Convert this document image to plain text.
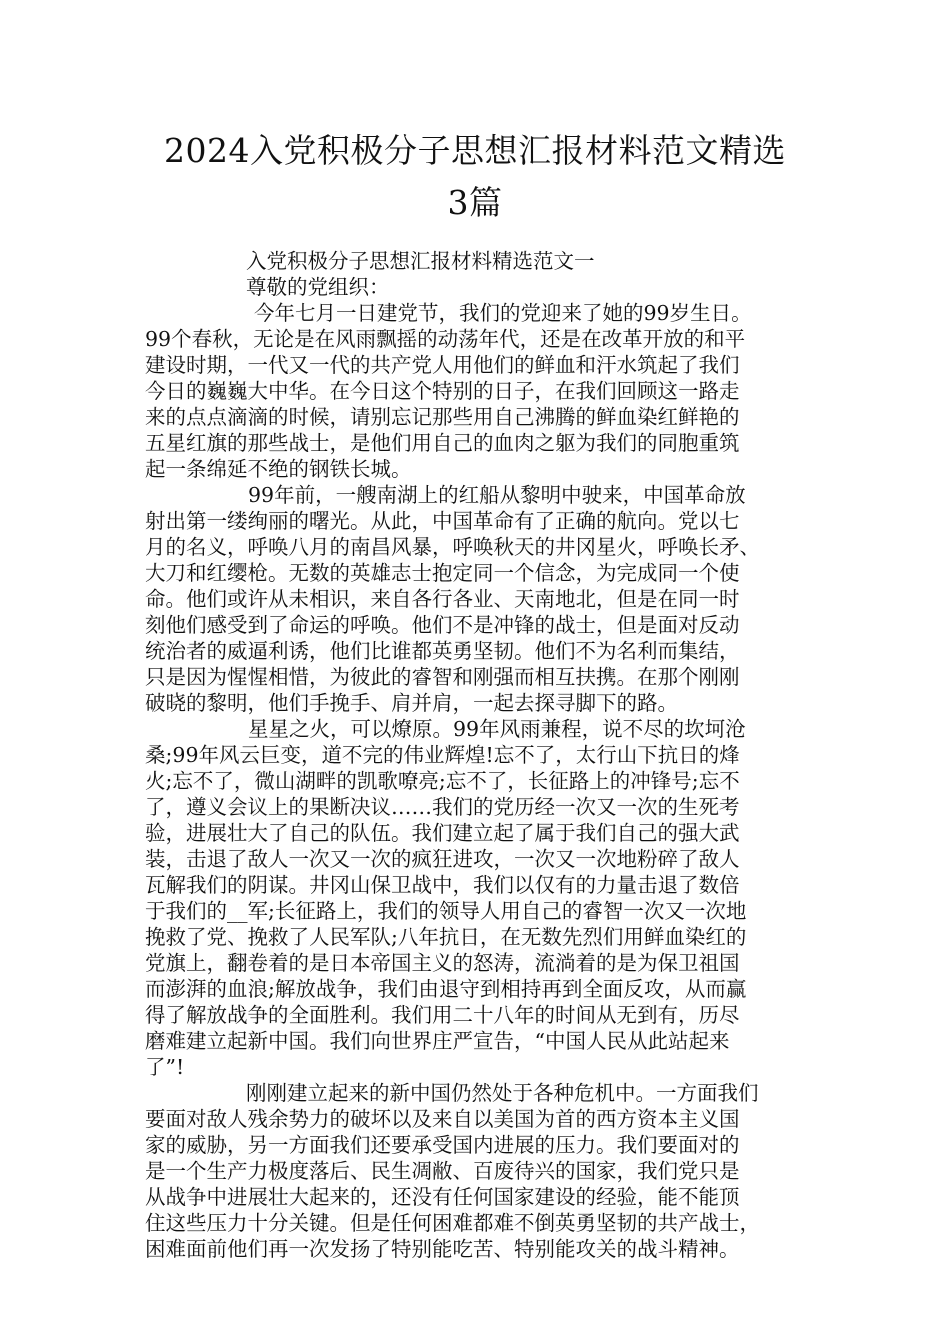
2024入党积极分子思想汇报材料范文精选
3篇
入党积极分子思想汇报材料精选范文一
尊敬的党组织：
今年七月一日建党节，我们的党迎来了她的99岁生日。
99个春秋，无论是在风雨飘摇的动荡年代，还是在改革开放的和平
建设时期，一代又一代的共产党人用他们的鲜血和汗水筑起了我们
今日的巍巍大中华。在今日这个特别的日子，在我们回顾这一路走
来的点点滴滴的时候，请别忘记那些用自己沸腾的鲜血染红鲜艳的
五星红旗的那些战士，是他们用自己的血肉之躯为我们的同胞重筑
起一条绵延不绝的钢铁长城。
99年前，一艘南湖上的红船从黎明中驶来，中国革命放
射出第一缕绚丽的曙光。从此，中国革命有了正确的航向。党以七
月的名义，呼唤八月的南昌风暴，呼唤秋天的井冈星火，呼唤长矛、
大刀和红缨枪。无数的英雄志士抱定同一个信念，为完成同一个使
命。他们或许从未相识，来自各行各业、天南地北，但是在同一时
刻他们感受到了命运的呼唤。他们不是冲锋的战士，但是面对反动
统治者的威逼利诱，他们比谁都英勇坚韧。他们不为名利而集结，
只是因为惺惺相惜，为彼此的睿智和刚强而相互扶携。在那个刚刚
破晓的黎明，他们手挽手、肩并肩，一起去探寻脚下的路。
星星之火，可以燎原。99年风雨兼程，说不尽的坎坷沧
桑;99年风云巨变，道不完的伟业辉煌!忘不了，太行山下抗日的烽
火;忘不了，微山湖畔的凯歌嘹亮;忘不了，长征路上的冲锋号;忘不
了，遵义会议上的果断决议……我们的党历经一次又一次的生死考
验，进展壮大了自己的队伍。我们建立起了属于我们自己的强大武
装，击退了敌人一次又一次的疯狂进攻，一次又一次地粉碎了敌人
瓦解我们的阴谋。井冈山保卫战中，我们以仅有的力量击退了数倍
于我们的__军;长征路上，我们的领导人用自己的睿智一次又一次地
挽救了党、挽救了人民军队;八年抗日，在无数先烈们用鲜血染红的
党旗上，翻卷着的是日本帝国主义的怒涛，流淌着的是为保卫祖国
而澎湃的血浪;解放战争，我们由退守到相持再到全面反攻，从而赢
得了解放战争的全面胜利。我们用二十八年的时间从无到有，历尽
磨难建立起新中国。我们向世界庄严宣告，“中国人民从此站起来
了”!
刚刚建立起来的新中国仍然处于各种危机中。一方面我们
要面对敌人残余势力的破坏以及来自以美国为首的西方资本主义国
家的威胁，另一方面我们还要承受国内进展的压力。我们要面对的
是一个生产力极度落后、民生凋敝、百废待兴的国家，我们党只是
从战争中进展壮大起来的，还没有任何国家建设的经验，能不能顶
住这些压力十分关键。但是任何困难都难不倒英勇坚韧的共产战士，
困难面前他们再一次发扬了特别能吃苦、特别能攻关的战斗精神。
